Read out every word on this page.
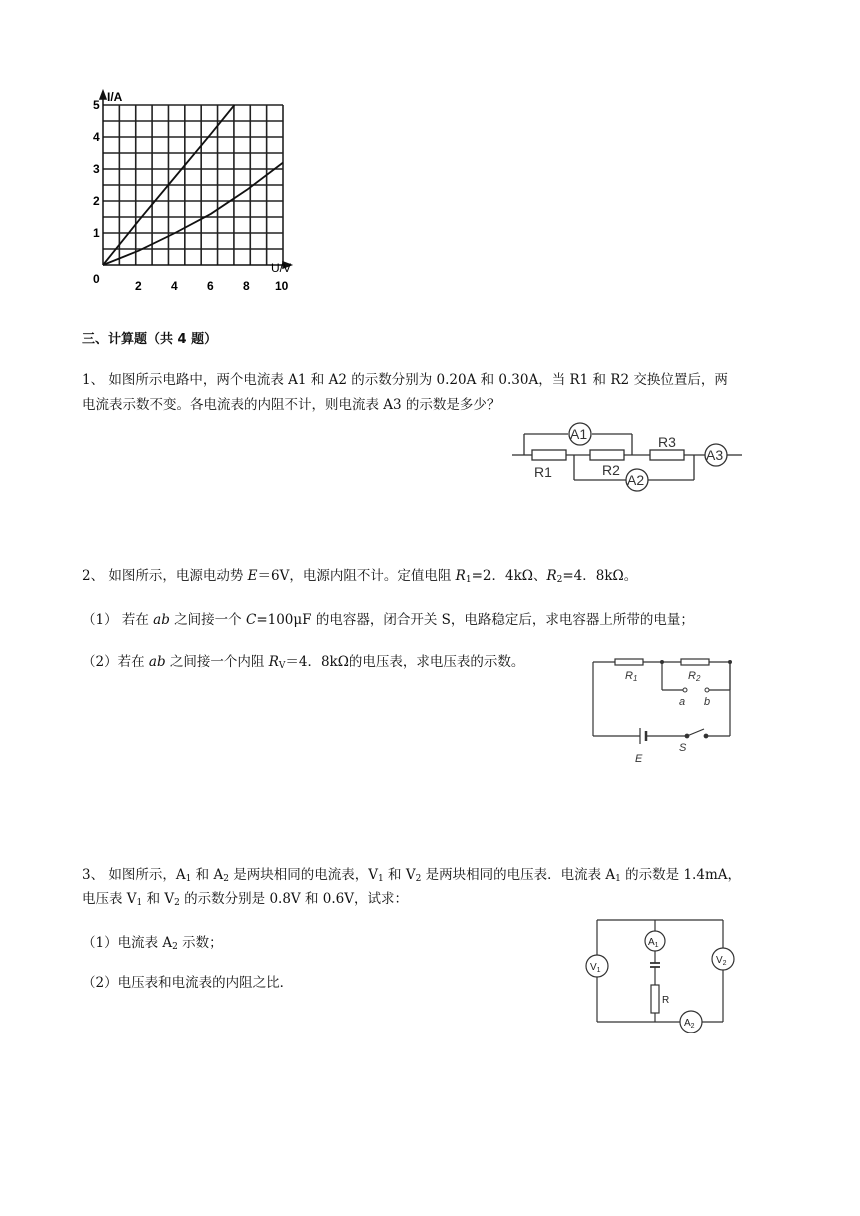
I/A
U/V
0
5
4
3
2
1
2 4 6 8 10
三、计算题（共 4 题）
1、 如图所示电路中，两个电流表 A1 和 A2 的示数分别为 0.20A 和 0.30A，当 R1 和 R2 交换位置后，两
电流表示数不变。各电流表的内阻不计，则电流表 A3 的示数是多少？
A1
A2
A3
R1	R2
R3
2、 如图所示，电源电动势 E＝6V，电源内阻不计。定值电阻 $R_1=2$．4kΩ、$R_2=4$．8kΩ。
（1） 若在 ab 之间接一个 C=100μF 的电容器，闭合开关 S，电路稳定后，求电容器上所带的电量；
（2）若在 ab 之间接一个内阻 $R_V=4$．8kΩ的电压表，求电压表的示数。
R1	R2
a b
E
S
3、 如图所示，$A_1$ 和 $A_2$ 是两块相同的电流表，$V_1$ 和 $V_2$ 是两块相同的电压表．电流表 $A_1$ 的示数是 1.4mA，
电压表 $V_1$ 和 $V_2$ 的示数分别是 0.8V 和 0.6V，试求：
（1）电流表 $A_2$ 示数；
（2）电压表和电流表的内阻之比．
$A_1$
$V_1$
$V_2$
$A_2$
R
